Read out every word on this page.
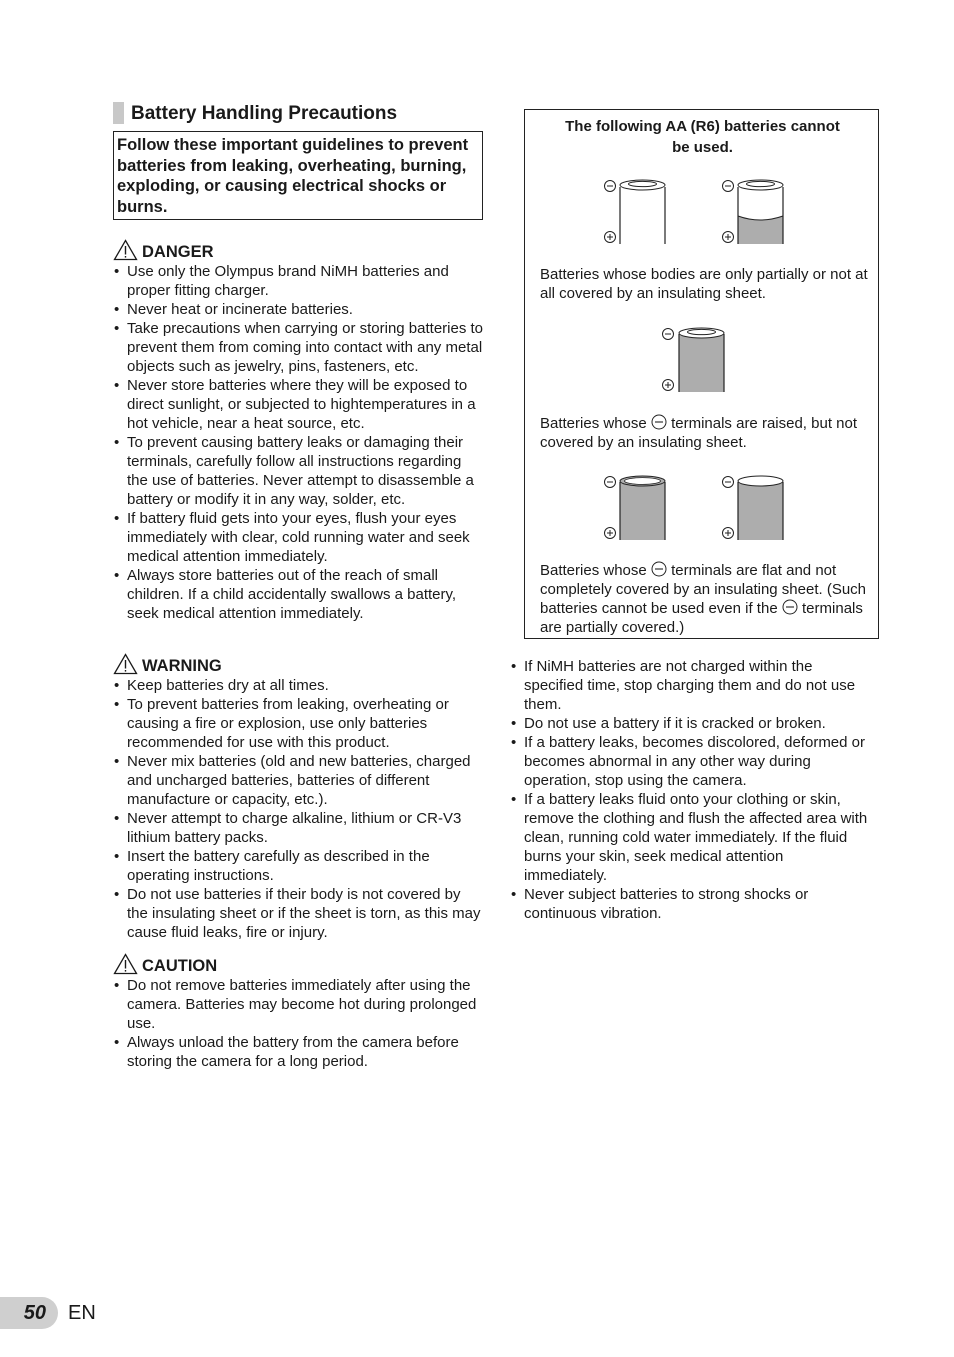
Battery Handling Precautions
Follow these important guidelines to prevent batteries from leaking, overheating, burning, exploding, or causing electrical shocks or burns.
DANGER
• Use only the Olympus brand NiMH batteries and proper fitting charger.
• Never heat or incinerate batteries.
• Take precautions when carrying or storing batteries to prevent them from coming into contact with any metal objects such as jewelry, pins, fasteners, etc.
• Never store batteries where they will be exposed to direct sunlight, or subjected to hightemperatures in a hot vehicle, near a heat source, etc.
• To prevent causing battery leaks or damaging their terminals, carefully follow all instructions regarding the use of batteries. Never attempt to disassemble a battery or modify it in any way, solder, etc.
• If battery fluid gets into your eyes, flush your eyes immediately with clear, cold running water and seek medical attention immediately.
• Always store batteries out of the reach of small children. If a child accidentally swallows a battery, seek medical attention immediately.
WARNING
• Keep batteries dry at all times.
• To prevent batteries from leaking, overheating or causing a fire or explosion, use only batteries recommended for use with this product.
• Never mix batteries (old and new batteries, charged and uncharged batteries, batteries of different manufacture or capacity, etc.).
• Never attempt to charge alkaline, lithium or CR-V3 lithium battery packs.
• Insert the battery carefully as described in the operating instructions.
• Do not use batteries if their body is not covered by the insulating sheet or if the sheet is torn, as this may cause fluid leaks, fire or injury.
CAUTION
• Do not remove batteries immediately after using the camera. Batteries may become hot during prolonged use.
• Always unload the battery from the camera before storing the camera for a long period.
The following AA (R6) batteries cannot be used.
Batteries whose bodies are only partially or not at all covered by an insulating sheet.
Batteries whose terminals are raised, but not covered by an insulating sheet.
Batteries whose terminals are flat and not completely covered by an insulating sheet. (Such batteries cannot be used even if the terminals are partially covered.)
• If NiMH batteries are not charged within the specified time, stop charging them and do not use them.
• Do not use a battery if it is cracked or broken.
• If a battery leaks, becomes discolored, deformed or becomes abnormal in any other way during operation, stop using the camera.
• If a battery leaks fluid onto your clothing or skin, remove the clothing and flush the affected area with clean, running cold water immediately. If the fluid burns your skin, seek medical attention immediately.
• Never subject batteries to strong shocks or continuous vibration.
50	EN
